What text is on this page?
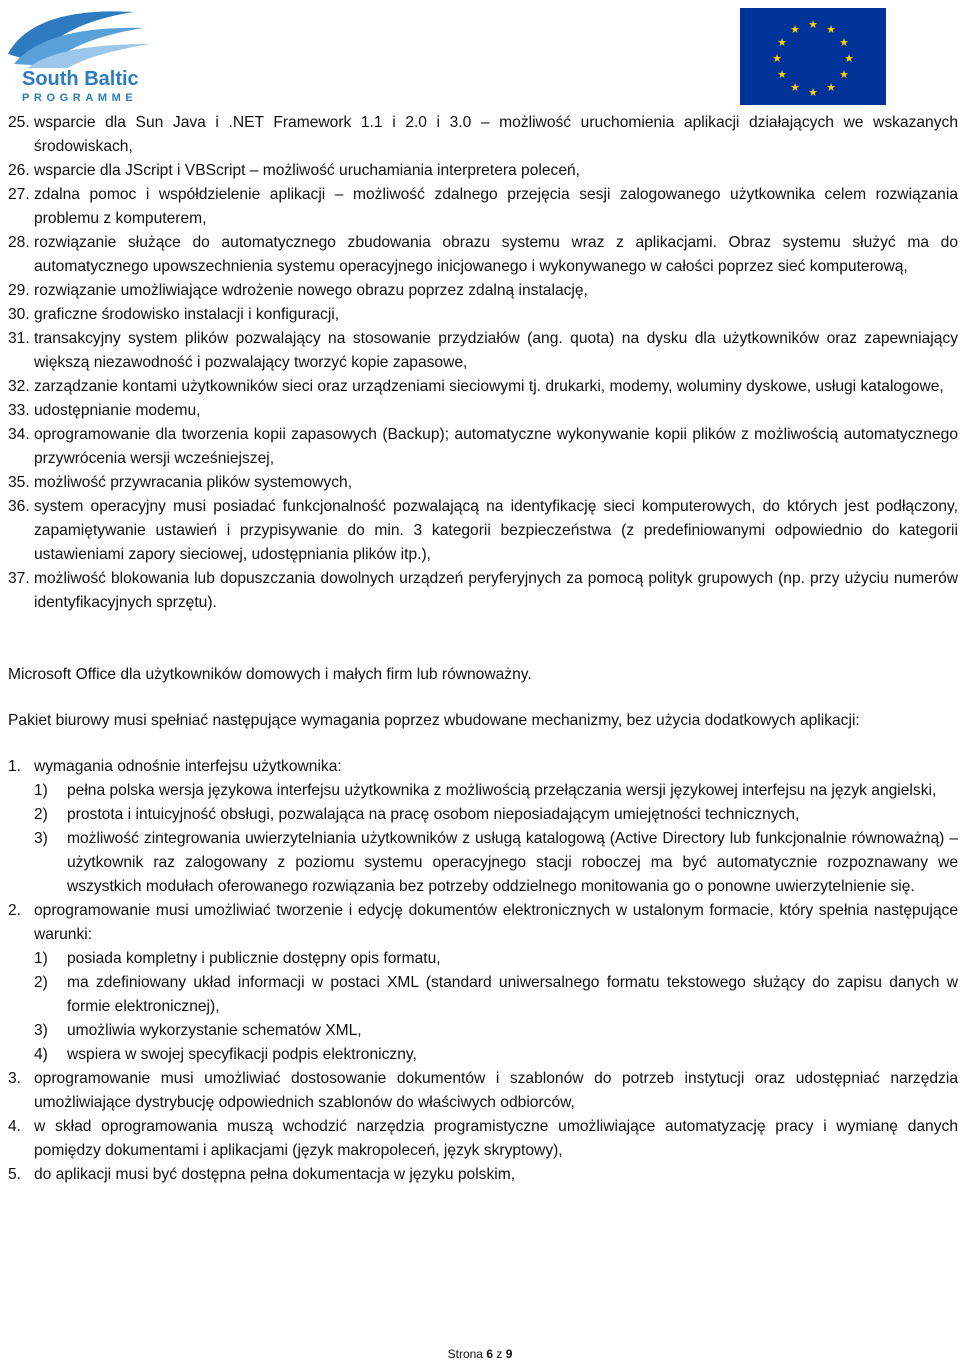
South Baltic
PROGRAMME
★ ★
★
★
★
★
★
★
★
★
★
★
25. wsparcie dla Sun Java i .NET Framework 1.1 i 2.0 i 3.0 – możliwość uruchomienia aplikacji działających we wskazanych środowiskach,
26. wsparcie dla JScript i VBScript – możliwość uruchamiania interpretera poleceń,
27. zdalna pomoc i współdzielenie aplikacji – możliwość zdalnego przejęcia sesji zalogowanego użytkownika celem rozwiązania problemu z komputerem,
28. rozwiązanie służące do automatycznego zbudowania obrazu systemu wraz z aplikacjami. Obraz systemu służyć ma do automatycznego upowszechnienia systemu operacyjnego inicjowanego i wykonywanego w całości poprzez sieć komputerową,
29. rozwiązanie umożliwiające wdrożenie nowego obrazu poprzez zdalną instalację,
30. graficzne środowisko instalacji i konfiguracji,
31. transakcyjny system plików pozwalający na stosowanie przydziałów (ang. quota) na dysku dla użytkowników oraz zapewniający większą niezawodność i pozwalający tworzyć kopie zapasowe,
32. zarządzanie kontami użytkowników sieci oraz urządzeniami sieciowymi tj. drukarki, modemy, woluminy dyskowe, usługi katalogowe,
33. udostępnianie modemu,
34. oprogramowanie dla tworzenia kopii zapasowych (Backup); automatyczne wykonywanie kopii plików z możliwością automatycznego przywrócenia wersji wcześniejszej,
35. możliwość przywracania plików systemowych,
36. system operacyjny musi posiadać funkcjonalność pozwalającą na identyfikację sieci komputerowych, do których jest podłączony, zapamiętywanie ustawień i przypisywanie do min. 3 kategorii bezpieczeństwa (z predefiniowanymi odpowiednio do kategorii ustawieniami zapory sieciowej, udostępniania plików itp.),
37. możliwość blokowania lub dopuszczania dowolnych urządzeń peryferyjnych za pomocą polityk grupowych (np. przy użyciu numerów identyfikacyjnych sprzętu).
Microsoft Office dla użytkowników domowych i małych firm lub równoważny.
Pakiet biurowy musi spełniać następujące wymagania poprzez wbudowane mechanizmy, bez użycia dodatkowych aplikacji:
1. wymagania odnośnie interfejsu użytkownika:
1)	pełna polska wersja językowa interfejsu użytkownika z możliwością przełączania wersji językowej interfejsu na język angielski,
2)	prostota i intuicyjność obsługi, pozwalająca na pracę osobom nieposiadającym umiejętności technicznych,
3)	możliwość zintegrowania uwierzytelniania użytkowników z usługą katalogową (Active Directory lub funkcjonalnie równoważną) – użytkownik raz zalogowany z poziomu systemu operacyjnego stacji roboczej ma być automatycznie rozpoznawany we wszystkich modułach oferowanego rozwiązania bez potrzeby oddzielnego monitowania go o ponowne uwierzytelnienie się.
2. oprogramowanie musi umożliwiać tworzenie i edycję dokumentów elektronicznych w ustalonym formacie, który spełnia następujące warunki:
1)	posiada kompletny i publicznie dostępny opis formatu,
2)	ma zdefiniowany układ informacji w postaci XML (standard uniwersalnego formatu tekstowego służący do zapisu danych w formie elektronicznej),
3)	umożliwia wykorzystanie schematów XML,
4)	wspiera w swojej specyfikacji podpis elektroniczny,
3. oprogramowanie musi umożliwiać dostosowanie dokumentów i szablonów do potrzeb instytucji oraz udostępniać narzędzia umożliwiające dystrybucję odpowiednich szablonów do właściwych odbiorców,
4. w skład oprogramowania muszą wchodzić narzędzia programistyczne umożliwiające automatyzację pracy i wymianę danych pomiędzy dokumentami i aplikacjami (język makropoleceń, język skryptowy),
5. do aplikacji musi być dostępna pełna dokumentacja w języku polskim,
Strona 6 z 9
